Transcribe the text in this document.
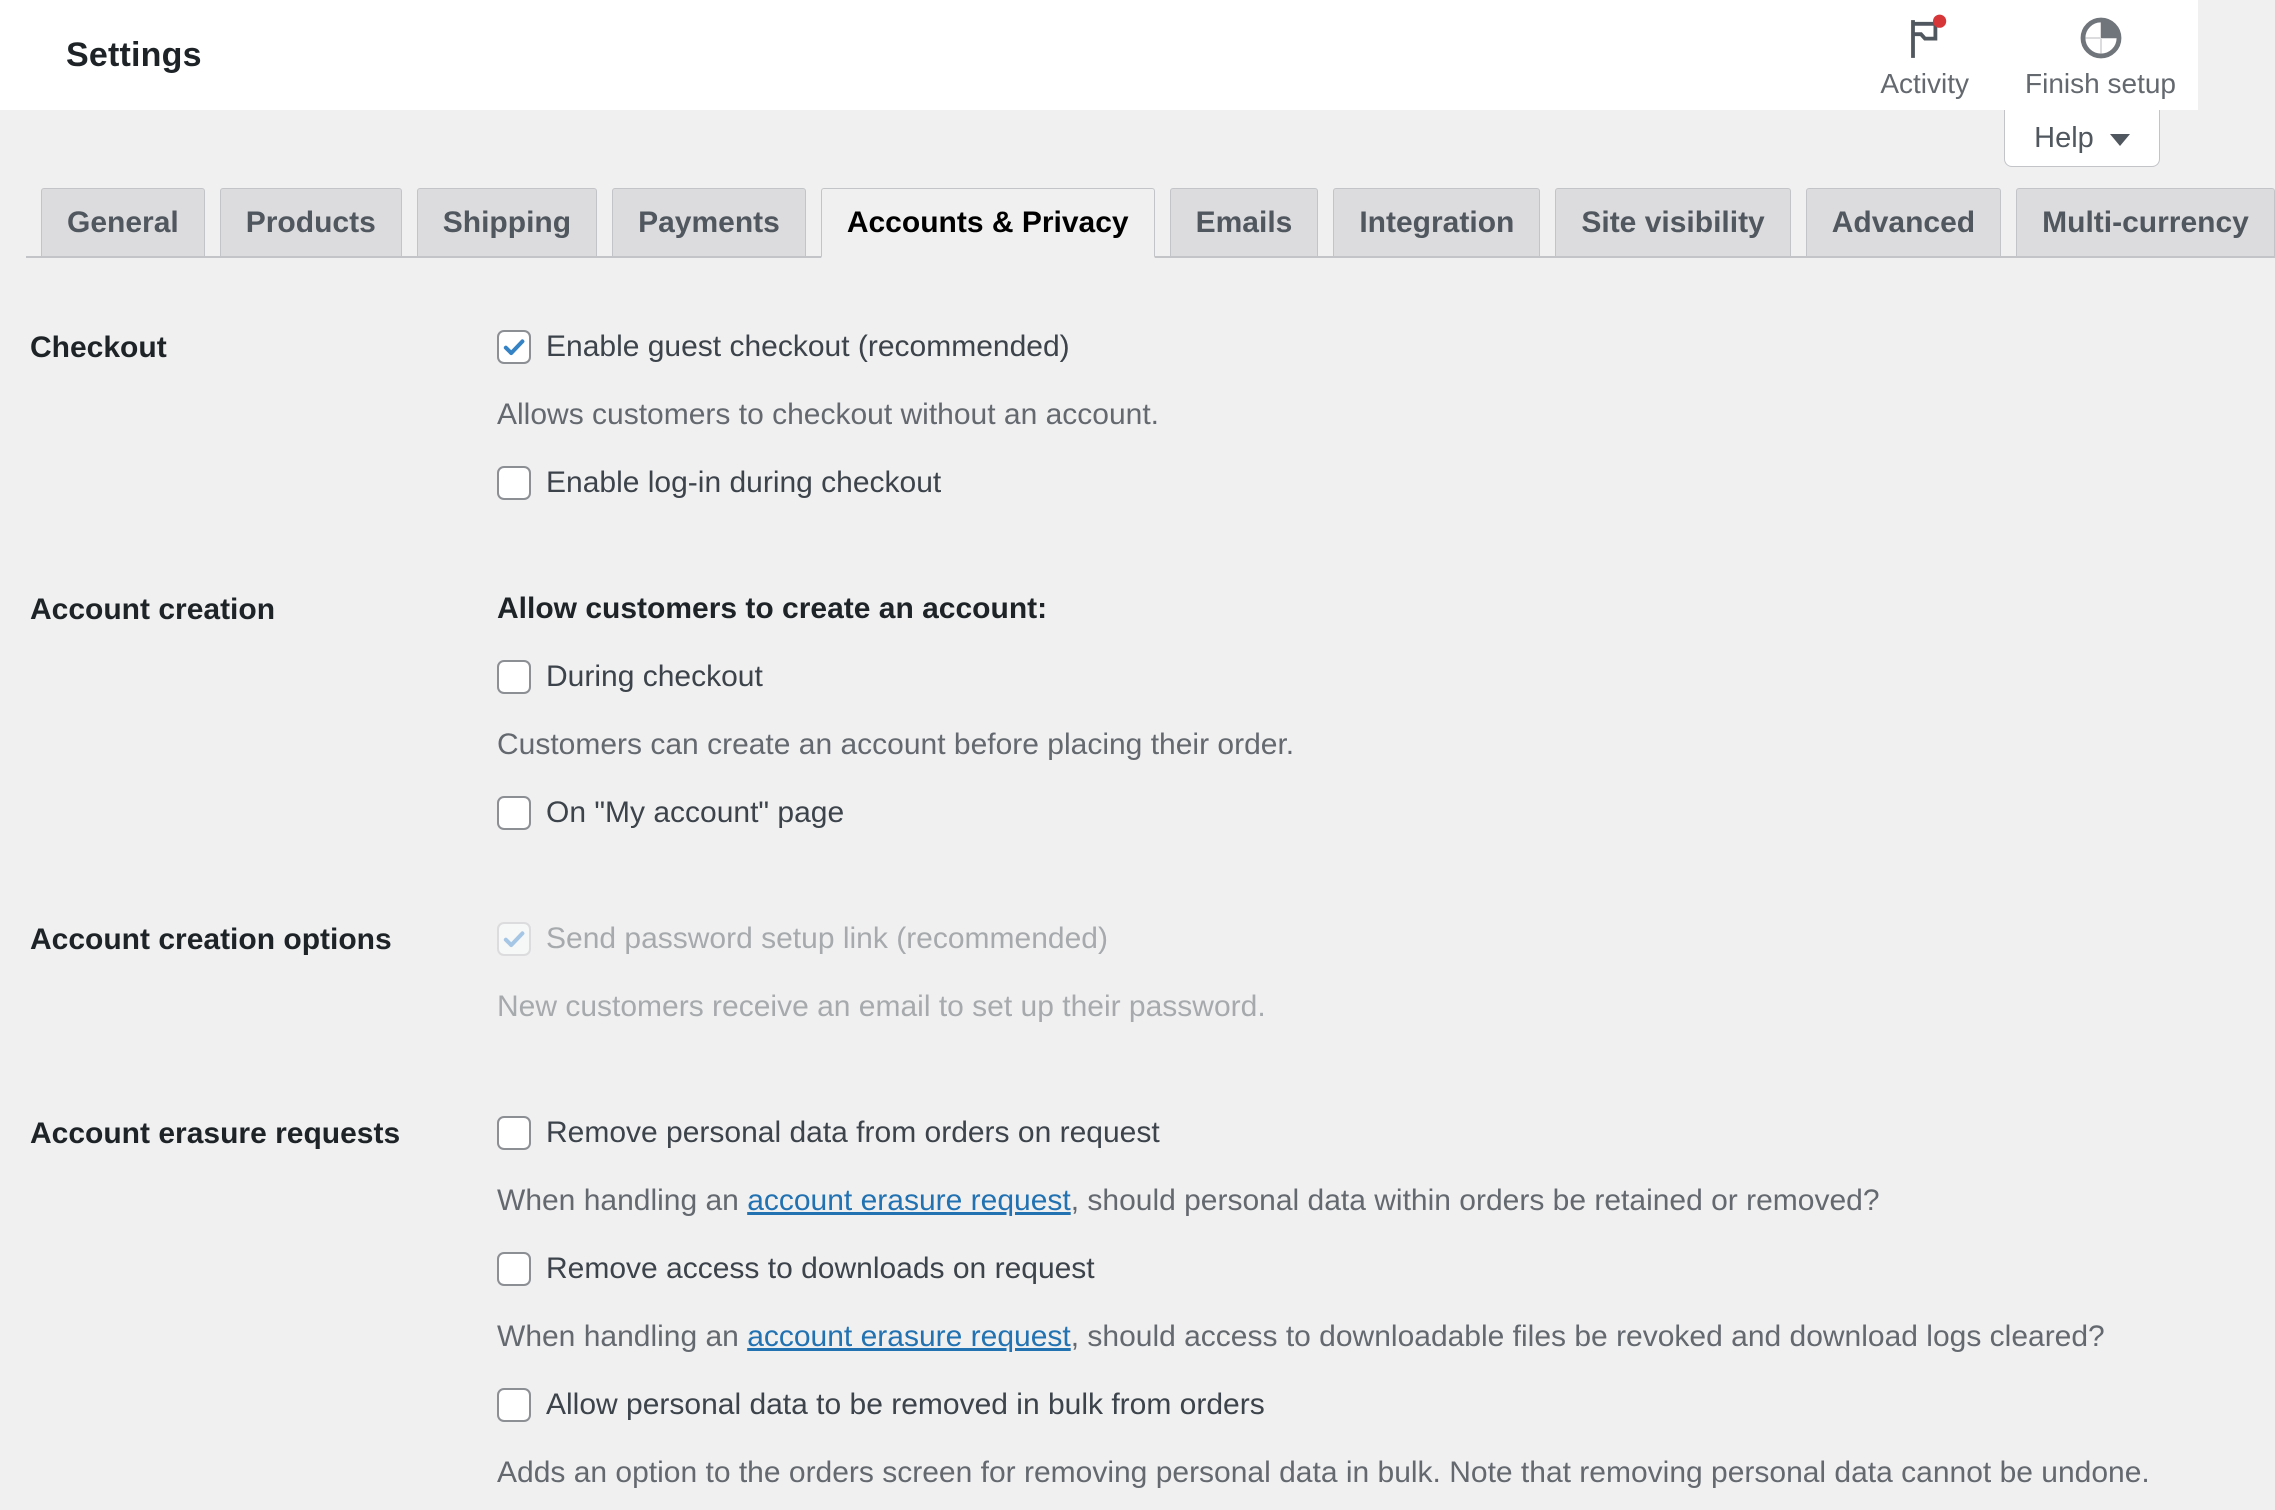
Settings
Activity Finish setup
Help
General	Products	Shipping	Payments	Accounts & Privacy	Emails	Integration	Site visibility	Advanced	Multi-currency
Checkout	Enable guest checkout (recommended)

Allows customers to checkout without an account.

Enable log-in during checkout
Account creation	Allow customers to create an account:

During checkout

Customers can create an account before placing their order.

On "My account" page
Account creation options	Send password setup link (recommended)

New customers receive an email to set up their password.

Account erasure requests	Remove personal data from orders on request

When handling an account erasure request, should personal data within orders be retained or removed?

Remove access to downloads on request

When handling an account erasure request, should access to downloadable files be revoked and download logs cleared?

Allow personal data to be removed in bulk from orders

Adds an option to the orders screen for removing personal data in bulk. Note that removing personal data cannot be undone.
